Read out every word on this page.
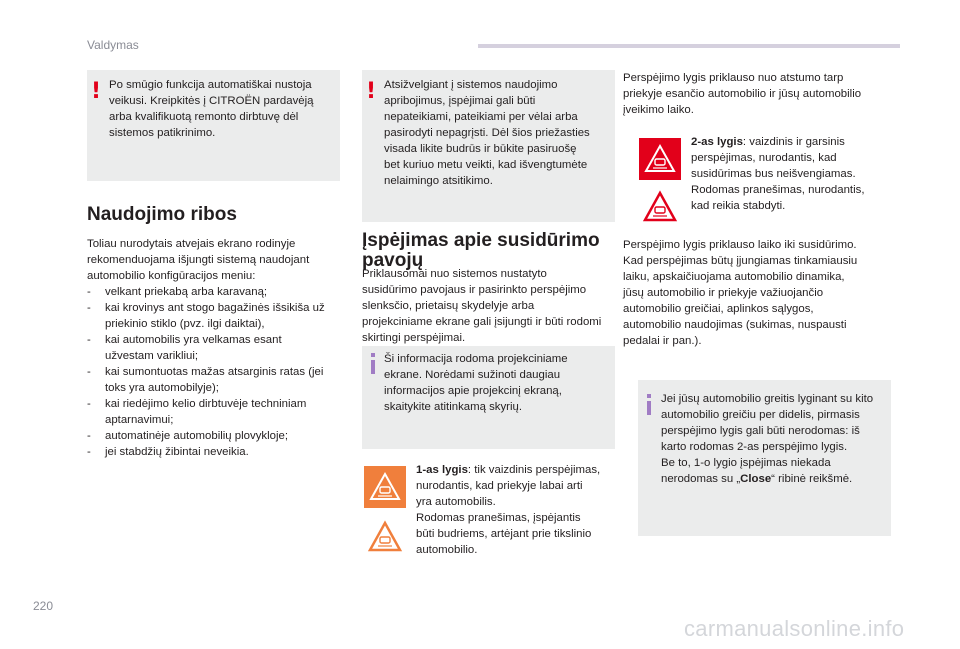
Valdymas
220
carmanualsonline.info
! Po smūgio funkcija automatiškai nustoja
veikusi. Kreipkitės į CITROËN pardavėją
arba kvalifikuotą remonto dirbtuvę dėl
sistemos patikrinimo.
Naudojimo ribos
Toliau nurodytais atvejais ekrano rodinyje
rekomenduojama išjungti sistemą naudojant
automobilio konfigūracijos meniu:
- velkant priekabą arba karavaną;
- kai krovinys ant stogo bagažinės išsikiša už
priekinio stiklo (pvz. ilgi daiktai),
- kai automobilis yra velkamas esant
užvestam varikliui;
- kai sumontuotas mažas atsarginis ratas (jei
toks yra automobilyje);
- kai riedėjimo kelio dirbtuvėje techniniam
aptarnavimui;
- automatinėje automobilių plovykloje;
- jei stabdžių žibintai neveikia.
! Atsižvelgiant į sistemos naudojimo
apribojimus, įspėjimai gali būti
nepateikiami, pateikiami per vėlai arba
pasirodyti nepagrįsti. Dėl šios priežasties
visada likite budrūs ir būkite pasiruošę
bet kuriuo metu veikti, kad išvengtumėte
nelaimingo atsitikimo.
Įspėjimas apie susidūrimo
pavojų
Priklausomai nuo sistemos nustatyto
susidūrimo pavojaus ir pasirinkto perspėjimo
slenksčio, prietaisų skydelyje arba
projekciniame ekrane gali įsijungti ir būti rodomi
skirtingi perspėjimai.
Ši informacija rodoma projekciniame
ekrane. Norėdami sužinoti daugiau
informacijos apie projekcinį ekraną,
skaitykite atitinkamą skyrių.
1-as lygis: tik vaizdinis perspėjimas,
nurodantis, kad priekyje labai arti
yra automobilis.
Rodomas pranešimas, įspėjantis
būti budriems, artėjant prie tikslinio
automobilio.
Perspėjimo lygis priklauso nuo atstumo tarp
priekyje esančio automobilio ir jūsų automobilio
įveikimo laiko.
2-as lygis: vaizdinis ir garsinis
perspėjimas, nurodantis, kad
susidūrimas bus neišvengiamas.
Rodomas pranešimas, nurodantis,
kad reikia stabdyti.
Perspėjimo lygis priklauso laiko iki susidūrimo.
Kad perspėjimas būtų įjungiamas tinkamiausiu
laiku, apskaičiuojama automobilio dinamika,
jūsų automobilio ir priekyje važiuojančio
automobilio greičiai, aplinkos sąlygos,
automobilio naudojimas (sukimas, nuspausti
pedalai ir pan.).
Jei jūsų automobilio greitis lyginant su kito
automobilio greičiu per didelis, pirmasis
perspėjimo lygis gali būti nerodomas: iš
karto rodomas 2-as perspėjimo lygis.
Be to, 1-o lygio įspėjimas niekada
nerodomas su „Close“ ribinė reikšmė.
